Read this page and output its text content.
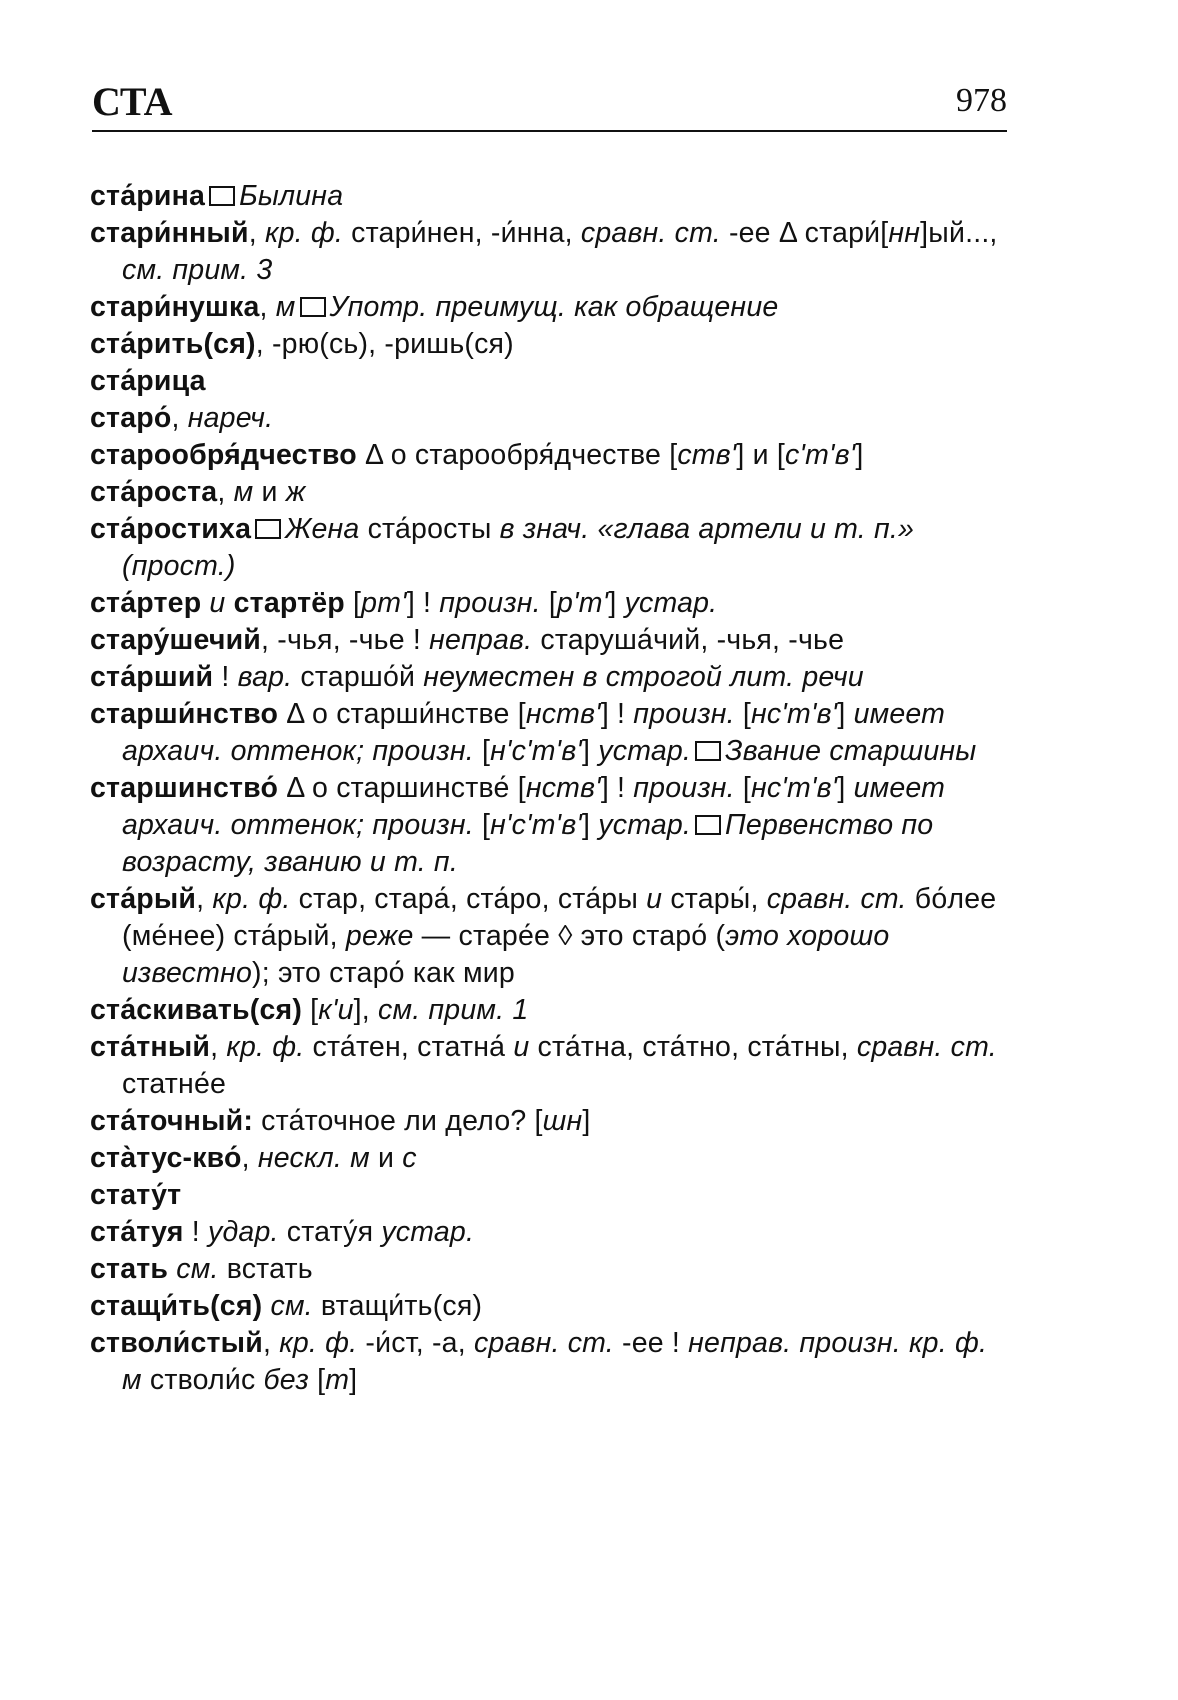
СТА	978
ста́рина Былина
стари́нный, кр. ф. стари́нен, -и́нна, сравн. ст. -ее Δ стари́[нн]ый..., см. прим. 3
стари́нушка, м Употр. преимущ. как обращение
ста́рить(ся), -рю(сь), -ришь(ся)
ста́рица
старо́, нареч.
старообря́дчество Δ о старообря́дчестве [ств'] и [с'т'в']
ста́роста, м и ж
ста́ростиха Жена ста́росты в знач. «глава артели и т. п.» (прост.)
ста́ртер и стартёр [рт'] ! произн. [р'т'] устар.
стару́шечий, -чья, -чье ! неправ. старуша́чий, -чья, -чье
ста́рший ! вар. старшо́й неуместен в строгой лит. речи
старши́нство Δ о старши́нстве [нств'] ! произн. [нс'т'в'] имеет архаич. оттенок; произн. [н'с'т'в'] устар. Звание старшины
старшинство́ Δ о старшинстве́ [нств'] ! произн. [нс'т'в'] имеет архаич. оттенок; произн. [н'с'т'в'] устар. Первенство по возрасту, званию и т. п.
ста́рый, кр. ф. стар, стара́, ста́ро, ста́ры и стары́, сравн. ст. бо́лее (ме́нее) ста́рый, реже — старе́е ◊ это старо́ (это хорошо известно); это старо́ как мир
ста́скивать(ся) [к'и], см. прим. 1
ста́тный, кр. ф. ста́тен, статна́ и ста́тна, ста́тно, ста́тны, сравн. ст. статне́е
ста́точный: ста́точное ли дело? [шн]
ста̀тус-кво́, нескл. м и с
стату́т
ста́туя ! удар. стату́я устар.
стать см. встать
стащи́ть(ся) см. втащи́ть(ся)
стволи́стый, кр. ф. -и́ст, -а, сравн. ст. -ее ! неправ. произн. кр. ф. м стволи́с без [т]
